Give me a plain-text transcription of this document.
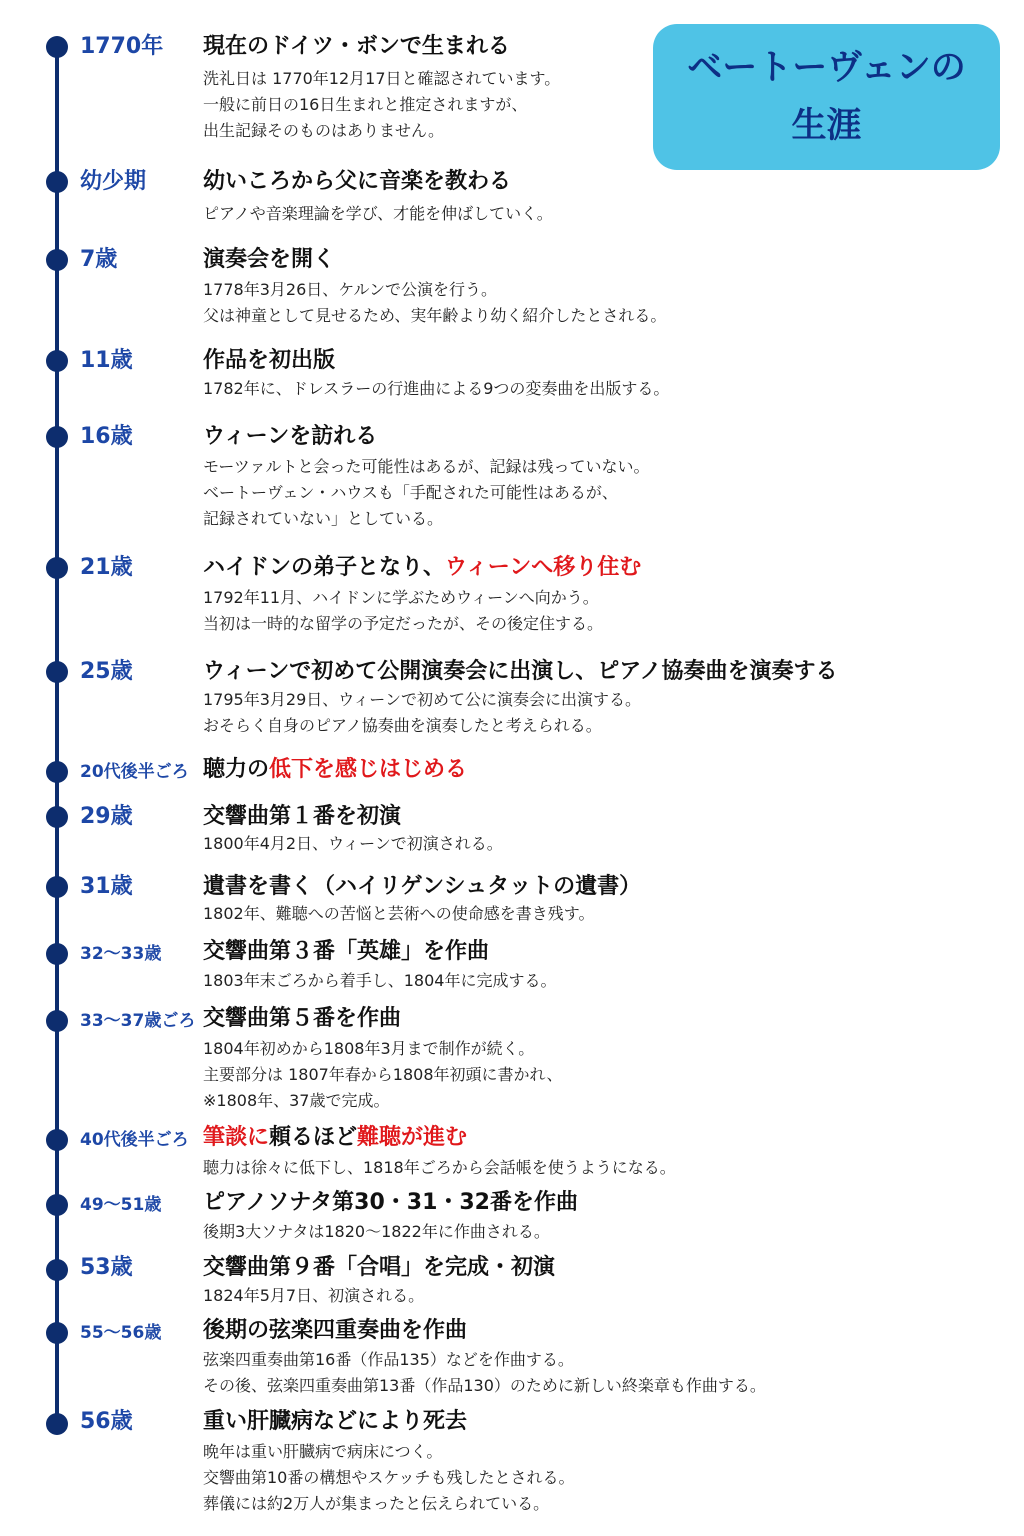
ベートーヴェンの
生涯
1770年 現在のドイツ・ボンで生まれる
洗礼日は 1770年12月17日と確認されています。
一般に前日の16日生まれと推定されますが、
出生記録そのものはありません。
幼少期	幼いころから父に音楽を教わる
ピアノや音楽理論を学び、才能を伸ばしていく。
7歳	演奏会を開く
1778年3月26日、ケルンで公演を行う。
父は神童として見せるため、実年齢より幼く紹介したとされる。
11歳	作品を初出版
1782年に、ドレスラーの行進曲による9つの変奏曲を出版する。
16歳	ウィーンを訪れる
モーツァルトと会った可能性はあるが、記録は残っていない。
ベートーヴェン・ハウスも「手配された可能性はあるが、
記録されていない」としている。
21歳	ハイドンの弟子となり、ウィーンへ移り住む
1792年11月、ハイドンに学ぶためウィーンへ向かう。
当初は一時的な留学の予定だったが、その後定住する。
25歳	ウィーンで初めて公開演奏会に出演し、ピアノ協奏曲を演奏する
1795年3月29日、ウィーンで初めて公に演奏会に出演する。
おそらく自身のピアノ協奏曲を演奏したと考えられる。
20代後半ごろ 聴力の低下を感じはじめる
29歳	交響曲第１番を初演
1800年4月2日、ウィーンで初演される。
31歳	遺書を書く（ハイリゲンシュタットの遺書）
1802年、難聴への苦悩と芸術への使命感を書き残す。
32〜33歳 交響曲第３番「英雄」を作曲
1803年末ごろから着手し、1804年に完成する。
33〜37歳ごろ 交響曲第５番を作曲
1804年初めから1808年3月まで制作が続く。
主要部分は 1807年春から1808年初頭に書かれ、
※1808年、37歳で完成。
40代後半ごろ 筆談に頼るほど難聴が進む
聴力は徐々に低下し、1818年ごろから会話帳を使うようになる。
49〜51歳 ピアノソナタ第30・31・32番を作曲
後期3大ソナタは1820〜1822年に作曲される。
53歳	交響曲第９番「合唱」を完成・初演
1824年5月7日、初演される。
55〜56歳 後期の弦楽四重奏曲を作曲
弦楽四重奏曲第16番（作品135）などを作曲する。
その後、弦楽四重奏曲第13番（作品130）のために新しい終楽章も作曲する。
56歳	重い肝臓病などにより死去
晩年は重い肝臓病で病床につく。
交響曲第10番の構想やスケッチも残したとされる。
葬儀には約2万人が集まったと伝えられている。
